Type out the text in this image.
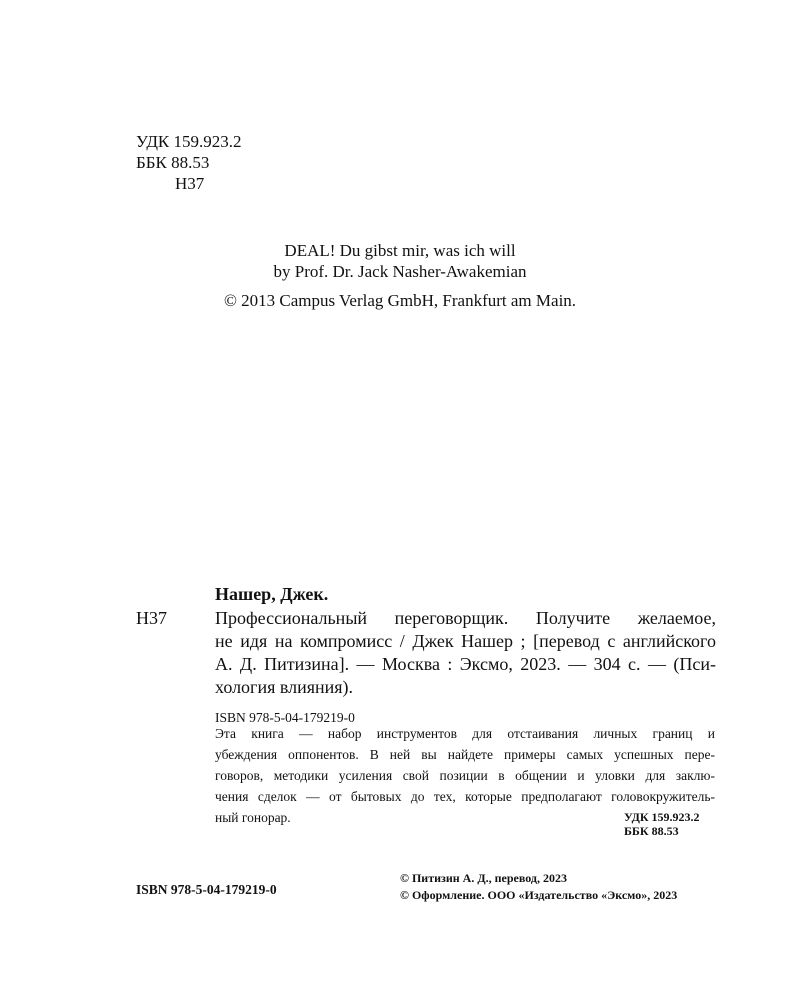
УДК 159.923.2
ББК 88.53
Н37
DEAL! Du gibst mir, was ich will
by Prof. Dr. Jack Nasher-Awakemian
© 2013 Campus Verlag GmbH, Frankfurt am Main.
Нашер, Джек.
Н37	Профессиональный переговорщик. Получите желаемое,
не идя на компромисс / Джек Нашер ; [перевод с английского
А. Д. Питизина]. — Москва : Эксмо, 2023. — 304 с. — (Пси-
хология влияния).
ISBN 978-5-04-179219-0
Эта книга — набор инструментов для отстаивания личных границ и
убеждения оппонентов. В ней вы найдете примеры самых успешных пере-
говоров, методики усиления свой позиции в общении и уловки для заклю-
чения сделок — от бытовых до тех, которые предполагают головокружитель-
ный гонорар.	УДК 159.923.2
ББК 88.53
ISBN 978-5-04-179219-0
© Питизин А. Д., перевод, 2023
© Оформление. ООО «Издательство «Эксмо», 2023
